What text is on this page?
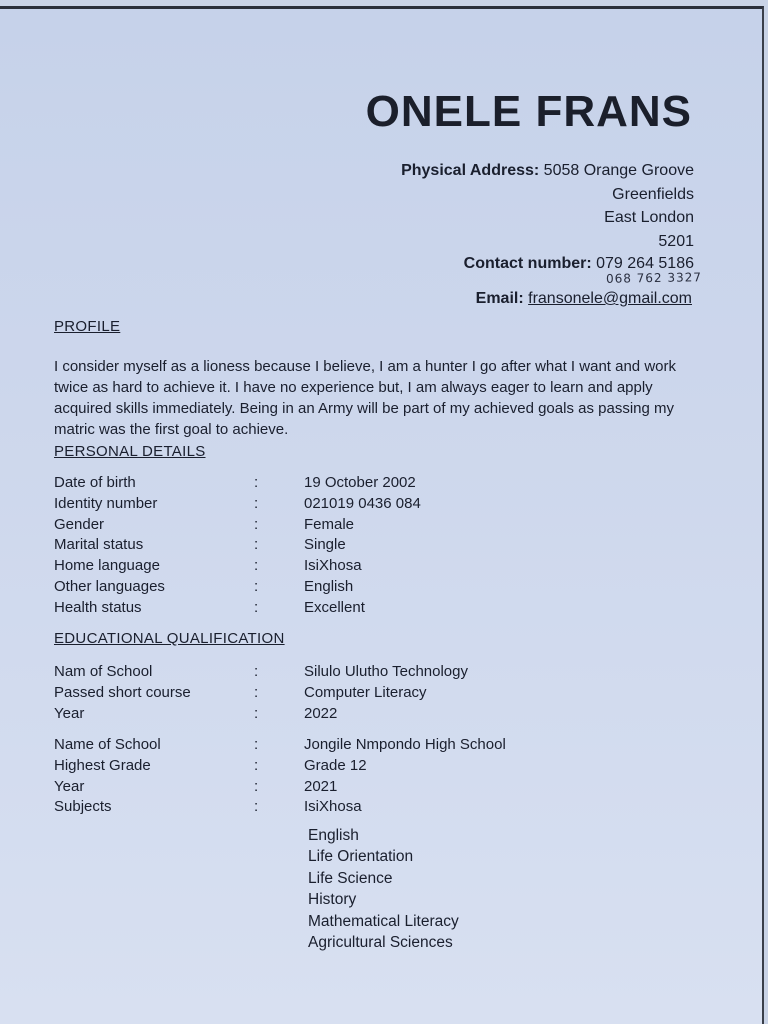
ONELE FRANS
Physical Address: 5058 Orange Groove
Greenfields
East London
5201
Contact number: 079 264 5186
068 762 3327
Email: fransonele@gmail.com
PROFILE
I consider myself as a lioness because I believe, I am a hunter I go after what I want and work twice as hard to achieve it. I have no experience but, I am always eager to learn and apply acquired skills immediately. Being in an Army will be part of my achieved goals as passing my matric was the first goal to achieve.
PERSONAL DETAILS
Date of birth	:	19 October 2002
Identity number	:	021019 0436 084
Gender	:	Female
Marital status	:	Single
Home language	:	IsiXhosa
Other languages	:	English
Health status	:	Excellent
EDUCATIONAL QUALIFICATION
Nam of School	:	Silulo Ulutho Technology
Passed short course	:	Computer Literacy
Year	:	2022
Name of School	:	Jongile Nmpondo High School
Highest Grade	:	Grade 12
Year	:	2021
Subjects	:	IsiXhosa
English
Life Orientation
Life Science
History
Mathematical Literacy
Agricultural Sciences
